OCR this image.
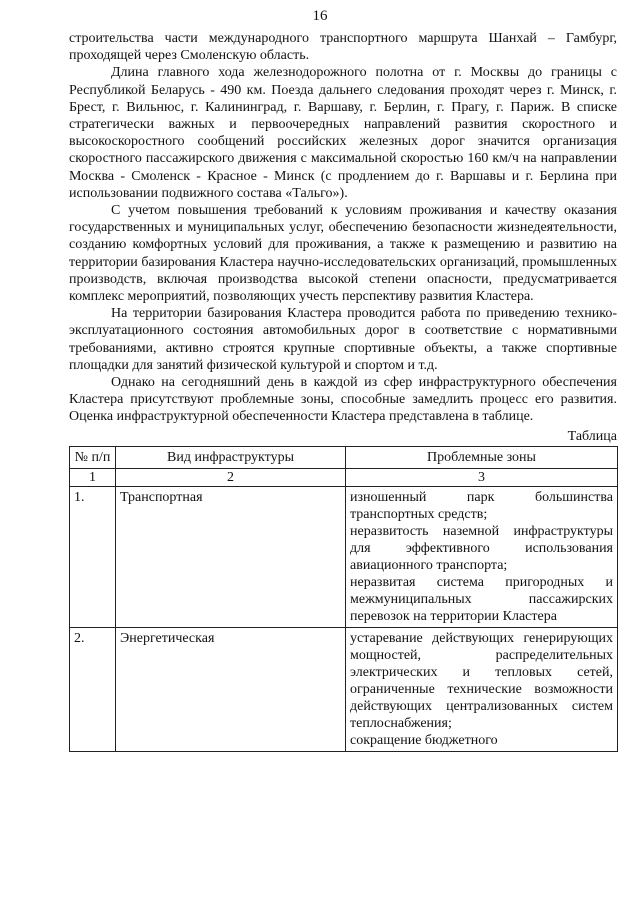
16

строительства части международного транспортного маршрута Шанхай – Гамбург, проходящей через Смоленскую область.

Длина главного хода железнодорожного полотна от г. Москвы до границы с Республикой Беларусь - 490 км. Поезда дальнего следования проходят через г. Минск, г. Брест, г. Вильнюс, г. Калининград, г. Варшаву, г. Берлин, г. Прагу, г. Париж. В списке стратегически важных и первоочередных направлений развития скоростного и высокоскоростного сообщений российских железных дорог значится организация скоростного пассажирского движения с максимальной скоростью 160 км/ч на направлении Москва - Смоленск - Красное - Минск (с продлением до г. Варшавы и г. Берлина при использовании подвижного состава «Тальго»).

С учетом повышения требований к условиям проживания и качеству оказания государственных и муниципальных услуг, обеспечению безопасности жизнедеятельности, созданию комфортных условий для проживания, а также к размещению и развитию на территории базирования Кластера научно-исследовательских организаций, промышленных производств, включая производства высокой степени опасности, предусматривается комплекс мероприятий, позволяющих учесть перспективу развития Кластера.

На территории базирования Кластера проводится работа по приведению технико-эксплуатационного состояния автомобильных дорог в соответствие с нормативными требованиями, активно строятся крупные спортивные объекты, а также спортивные площадки для занятий физической культурой и спортом и т.д.

Однако на сегодняшний день в каждой из сфер инфраструктурного обеспечения Кластера присутствуют проблемные зоны, способные замедлить процесс его развития. Оценка инфраструктурной обеспеченности Кластера представлена в таблице.

Таблица
№ п/п	Вид инфраструктуры	Проблемные зоны
1	2	3
1.	Транспортная	изношенный парк большинства транспортных средств;
неразвитость наземной инфраструктуры для эффективного использования авиационного транспорта;
неразвитая система пригородных и межмуниципальных пассажирских перевозок на территории Кластера

2.	Энергетическая	устаревание действующих генерирующих мощностей, распределительных электрических и тепловых сетей, ограниченные технические возможности действующих централизованных систем теплоснабжения;
сокращение бюджетного
